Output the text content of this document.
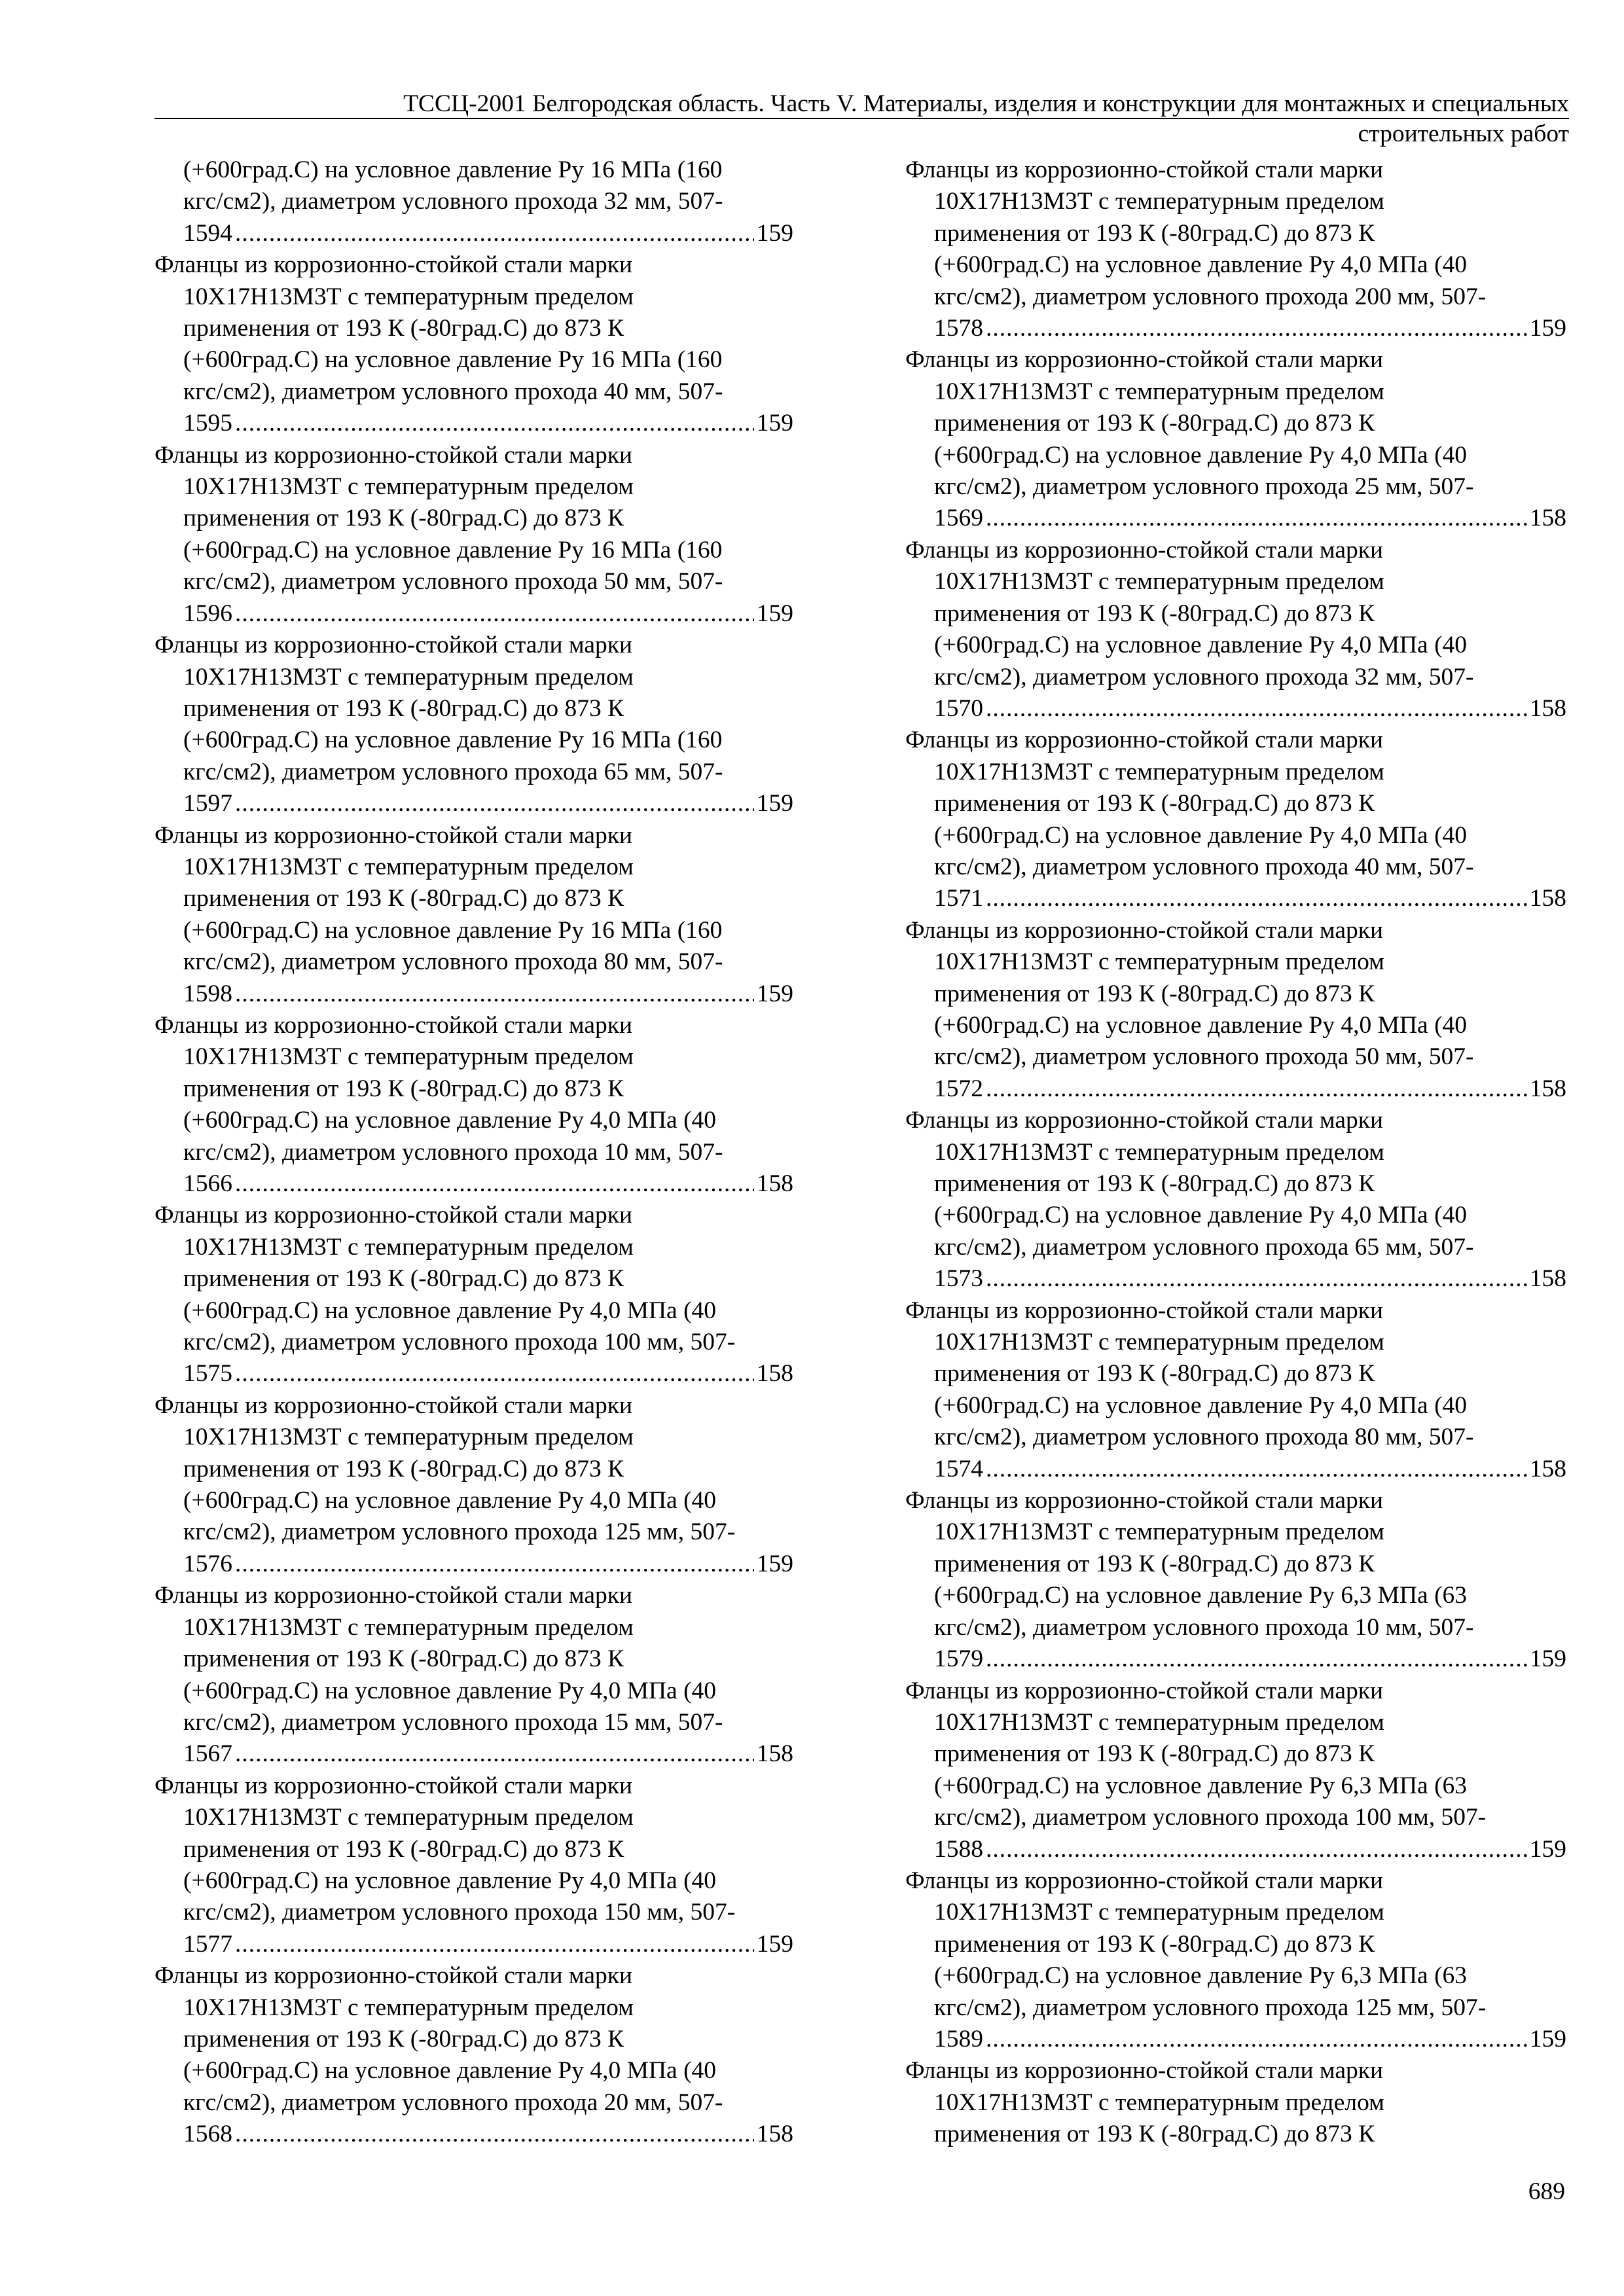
ТССЦ-2001 Белгородская область. Часть V. Материалы, изделия и конструкции для монтажных и специальных
строительных работ
(+600град.С) на условное давление Ру 16 МПа (160
кгс/см2), диаметром условного прохода 32 мм, 507-
1594 .....	159
Фланцы из коррозионно-стойкой стали марки
10Х17Н13М3Т с температурным пределом
применения от 193 К (-80град.С) до 873 К
(+600град.С) на условное давление Ру 16 МПа (160
кгс/см2), диаметром условного прохода 40 мм, 507-
1595 .....	159
Фланцы из коррозионно-стойкой стали марки
10Х17Н13М3Т с температурным пределом
применения от 193 К (-80град.С) до 873 К
(+600град.С) на условное давление Ру 16 МПа (160
кгс/см2), диаметром условного прохода 50 мм, 507-
1596 .....	159
Фланцы из коррозионно-стойкой стали марки
10Х17Н13М3Т с температурным пределом
применения от 193 К (-80град.С) до 873 К
(+600град.С) на условное давление Ру 16 МПа (160
кгс/см2), диаметром условного прохода 65 мм, 507-
1597 .....	159
Фланцы из коррозионно-стойкой стали марки
10Х17Н13М3Т с температурным пределом
применения от 193 К (-80град.С) до 873 К
(+600град.С) на условное давление Ру 16 МПа (160
кгс/см2), диаметром условного прохода 80 мм, 507-
1598 .....	159
Фланцы из коррозионно-стойкой стали марки
10Х17Н13М3Т с температурным пределом
применения от 193 К (-80град.С) до 873 К
(+600град.С) на условное давление Ру 4,0 МПа (40
кгс/см2), диаметром условного прохода 10 мм, 507-
1566 .....	158
Фланцы из коррозионно-стойкой стали марки
10Х17Н13М3Т с температурным пределом
применения от 193 К (-80град.С) до 873 К
(+600град.С) на условное давление Ру 4,0 МПа (40
кгс/см2), диаметром условного прохода 100 мм, 507-
1575 .....	158
Фланцы из коррозионно-стойкой стали марки
10Х17Н13М3Т с температурным пределом
применения от 193 К (-80град.С) до 873 К
(+600град.С) на условное давление Ру 4,0 МПа (40
кгс/см2), диаметром условного прохода 125 мм, 507-
1576 .....	159
Фланцы из коррозионно-стойкой стали марки
10Х17Н13М3Т с температурным пределом
применения от 193 К (-80град.С) до 873 К
(+600град.С) на условное давление Ру 4,0 МПа (40
кгс/см2), диаметром условного прохода 15 мм, 507-
1567 .....	158
Фланцы из коррозионно-стойкой стали марки
10Х17Н13М3Т с температурным пределом
применения от 193 К (-80град.С) до 873 К
(+600град.С) на условное давление Ру 4,0 МПа (40
кгс/см2), диаметром условного прохода 150 мм, 507-
1577 .....	159
Фланцы из коррозионно-стойкой стали марки
10Х17Н13М3Т с температурным пределом
применения от 193 К (-80град.С) до 873 К
(+600град.С) на условное давление Ру 4,0 МПа (40
кгс/см2), диаметром условного прохода 20 мм, 507-
1568 .....	158
Фланцы из коррозионно-стойкой стали марки
10Х17Н13М3Т с температурным пределом
применения от 193 К (-80град.С) до 873 К
(+600град.С) на условное давление Ру 4,0 МПа (40
кгс/см2), диаметром условного прохода 200 мм, 507-
1578 .....	159
Фланцы из коррозионно-стойкой стали марки
10Х17Н13М3Т с температурным пределом
применения от 193 К (-80град.С) до 873 К
(+600град.С) на условное давление Ру 4,0 МПа (40
кгс/см2), диаметром условного прохода 25 мм, 507-
1569 .....	158
Фланцы из коррозионно-стойкой стали марки
10Х17Н13М3Т с температурным пределом
применения от 193 К (-80град.С) до 873 К
(+600град.С) на условное давление Ру 4,0 МПа (40
кгс/см2), диаметром условного прохода 32 мм, 507-
1570 .....	158
Фланцы из коррозионно-стойкой стали марки
10Х17Н13М3Т с температурным пределом
применения от 193 К (-80град.С) до 873 К
(+600град.С) на условное давление Ру 4,0 МПа (40
кгс/см2), диаметром условного прохода 40 мм, 507-
1571 .....	158
Фланцы из коррозионно-стойкой стали марки
10Х17Н13М3Т с температурным пределом
применения от 193 К (-80град.С) до 873 К
(+600град.С) на условное давление Ру 4,0 МПа (40
кгс/см2), диаметром условного прохода 50 мм, 507-
1572 .....	158
Фланцы из коррозионно-стойкой стали марки
10Х17Н13М3Т с температурным пределом
применения от 193 К (-80град.С) до 873 К
(+600град.С) на условное давление Ру 4,0 МПа (40
кгс/см2), диаметром условного прохода 65 мм, 507-
1573 .....	158
Фланцы из коррозионно-стойкой стали марки
10Х17Н13М3Т с температурным пределом
применения от 193 К (-80град.С) до 873 К
(+600град.С) на условное давление Ру 4,0 МПа (40
кгс/см2), диаметром условного прохода 80 мм, 507-
1574 .....	158
Фланцы из коррозионно-стойкой стали марки
10Х17Н13М3Т с температурным пределом
применения от 193 К (-80град.С) до 873 К
(+600град.С) на условное давление Ру 6,3 МПа (63
кгс/см2), диаметром условного прохода 10 мм, 507-
1579 .....	159
Фланцы из коррозионно-стойкой стали марки
10Х17Н13М3Т с температурным пределом
применения от 193 К (-80град.С) до 873 К
(+600град.С) на условное давление Ру 6,3 МПа (63
кгс/см2), диаметром условного прохода 100 мм, 507-
1588 .....	159
Фланцы из коррозионно-стойкой стали марки
10Х17Н13М3Т с температурным пределом
применения от 193 К (-80град.С) до 873 К
(+600град.С) на условное давление Ру 6,3 МПа (63
кгс/см2), диаметром условного прохода 125 мм, 507-
1589 .....	159
Фланцы из коррозионно-стойкой стали марки
10Х17Н13М3Т с температурным пределом
применения от 193 К (-80град.С) до 873 К
689
